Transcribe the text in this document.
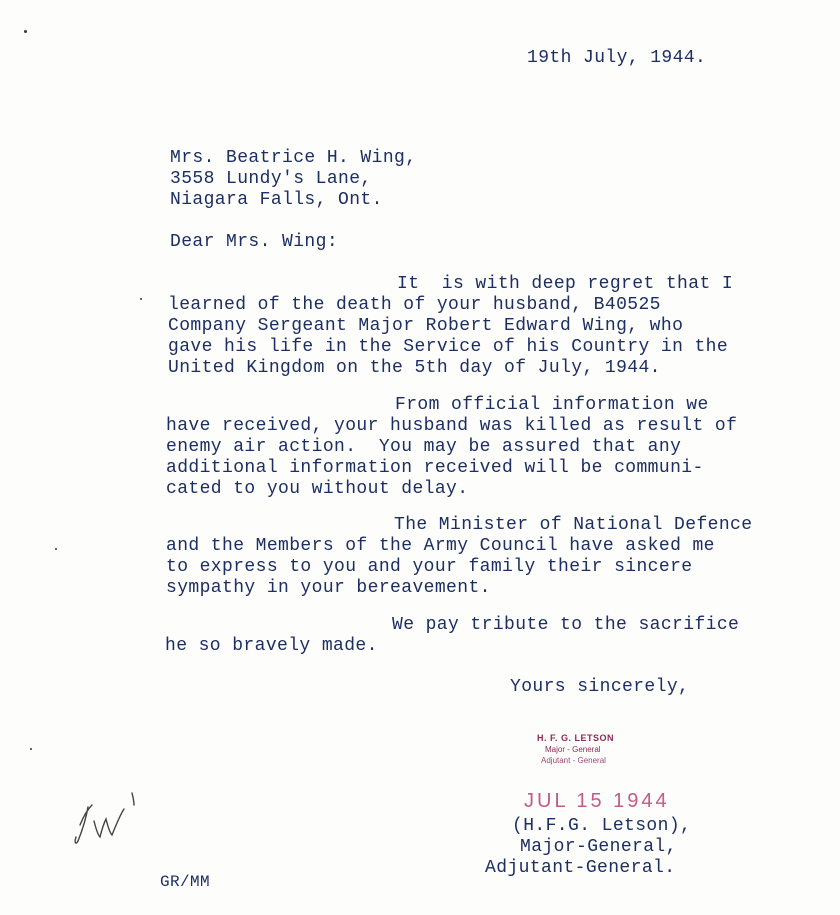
19th July, 1944.

Mrs. Beatrice H. Wing,

3558 Lundy's Lane,

Niagara Falls, Ont.

Dear Mrs. Wing:

It  is with deep regret that I

learned of the death of your husband, B40525

Company Sergeant Major Robert Edward Wing, who

gave his life in the Service of his Country in the

United Kingdom on the 5th day of July, 1944.

From official information we

have received, your husband was killed as result of

enemy air action.  You may be assured that any

additional information received will be communi-

cated to you without delay.

The Minister of National Defence

and the Members of the Army Council have asked me

to express to you and your family their sincere

sympathy in your bereavement.

We pay tribute to the sacrifice

he so bravely made.

Yours sincerely,

H. F. G. LETSON
Major - General
Adjutant - General
JUL 15 1944

(H.F.G. Letson),

Major-General,

Adjutant-General.

GR/MM
